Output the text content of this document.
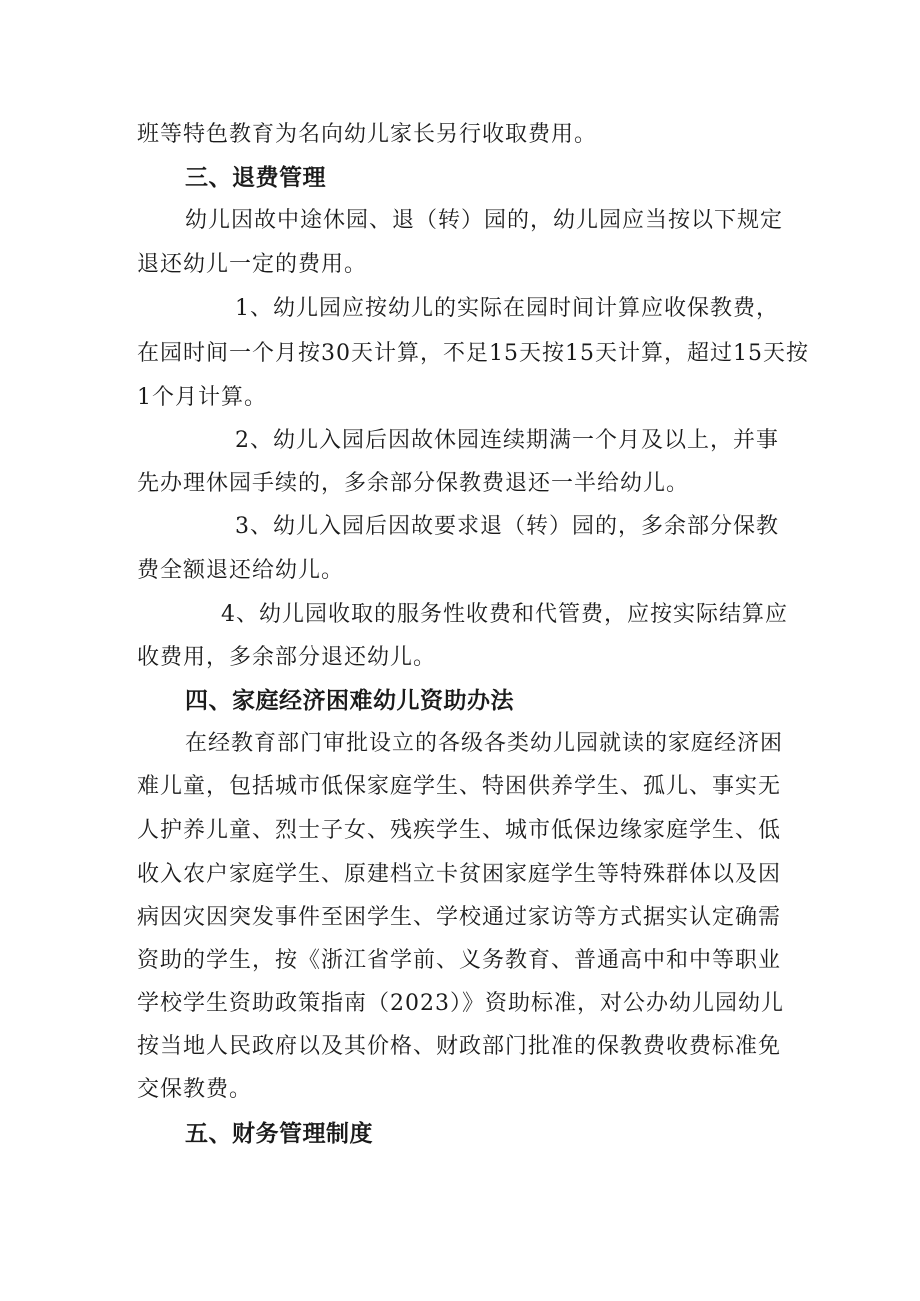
班等特色教育为名向幼儿家长另行收取费用。
三、退费管理
幼儿因故中途休园、退（转）园的，幼儿园应当按以下规定
退还幼儿一定的费用。
1、幼儿园应按幼儿的实际在园时间计算应收保教费，
在园时间一个月按30天计算，不足15天按15天计算，超过15天按
1个月计算。
2、幼儿入园后因故休园连续期满一个月及以上，并事
先办理休园手续的，多余部分保教费退还一半给幼儿。
3、幼儿入园后因故要求退（转）园的，多余部分保教
费全额退还给幼儿。
4、幼儿园收取的服务性收费和代管费，应按实际结算应
收费用，多余部分退还幼儿。
四、家庭经济困难幼儿资助办法
在经教育部门审批设立的各级各类幼儿园就读的家庭经济困
难儿童，包括城市低保家庭学生、特困供养学生、孤儿、事实无
人护养儿童、烈士子女、残疾学生、城市低保边缘家庭学生、低
收入农户家庭学生、原建档立卡贫困家庭学生等特殊群体以及因
病因灾因突发事件至困学生、学校通过家访等方式据实认定确需
资助的学生，按《浙江省学前、义务教育、普通高中和中等职业
学校学生资助政策指南（2023）》资助标准，对公办幼儿园幼儿
按当地人民政府以及其价格、财政部门批准的保教费收费标准免
交保教费。
五、财务管理制度
